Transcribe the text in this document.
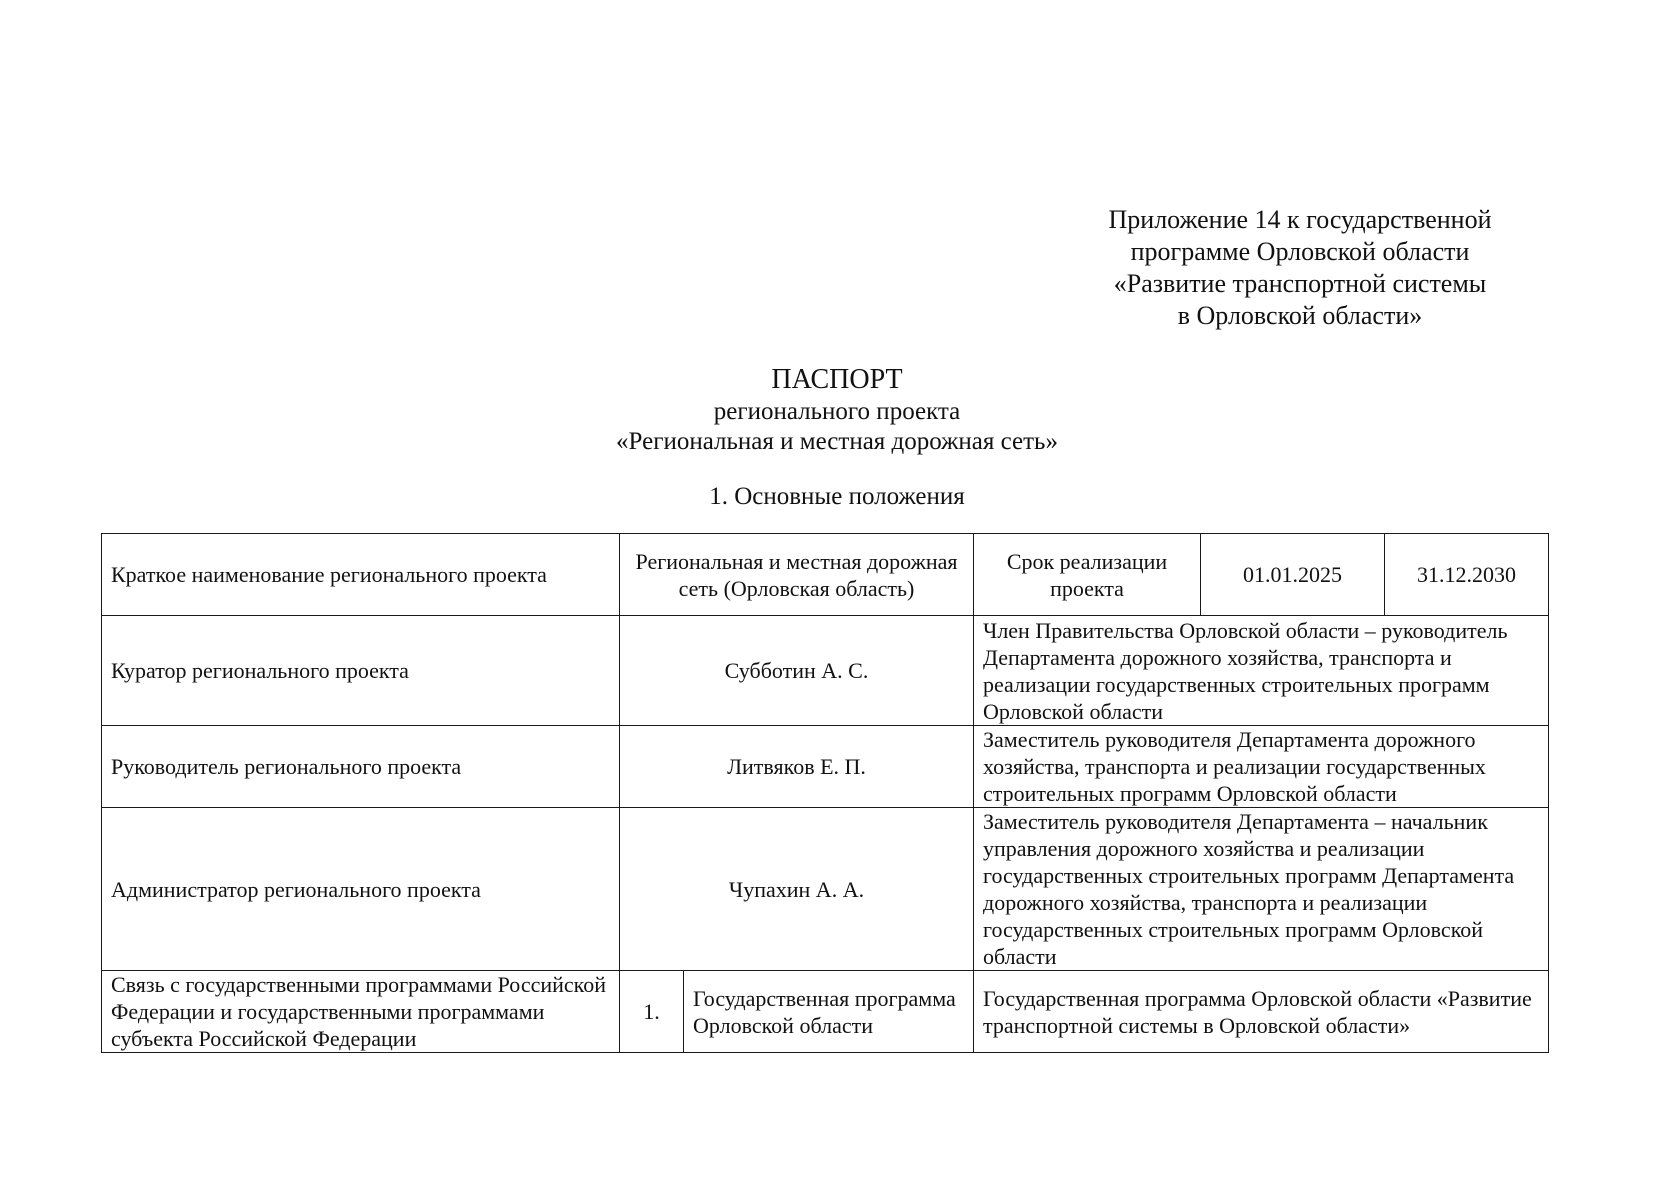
Приложение 14 к государственной
программе Орловской области
«Развитие транспортной системы
в Орловской области»
ПАСПОРТ
регионального проекта
«Региональная и местная дорожная сеть»
1. Основные положения
Краткое наименование регионального проекта	Региональная и местная дорожная сеть (Орловская область)		Срок реализации проекта	01.01.2025	31.12.2030
Куратор регионального проекта	Субботин А. С.		Член Правительства Орловской области – руководитель Департамента дорожного хозяйства, транспорта и реализации государственных строительных программ Орловской области		
Руководитель регионального проекта	Литвяков Е. П.		Заместитель руководителя Департамента дорожного хозяйства, транспорта и реализации государственных строительных программ Орловской области		
Администратор регионального проекта	Чупахин А. А.		Заместитель руководителя Департамента – начальник управления дорожного хозяйства и реализации государственных строительных программ Департамента дорожного хозяйства, транспорта и реализации государственных строительных программ Орловской области		
Связь с государственными программами Российской Федерации и государственными программами субъекта Российской Федерации	1.	Государственная программа Орловской области	Государственная программа Орловской области «Развитие транспортной системы в Орловской области»		
